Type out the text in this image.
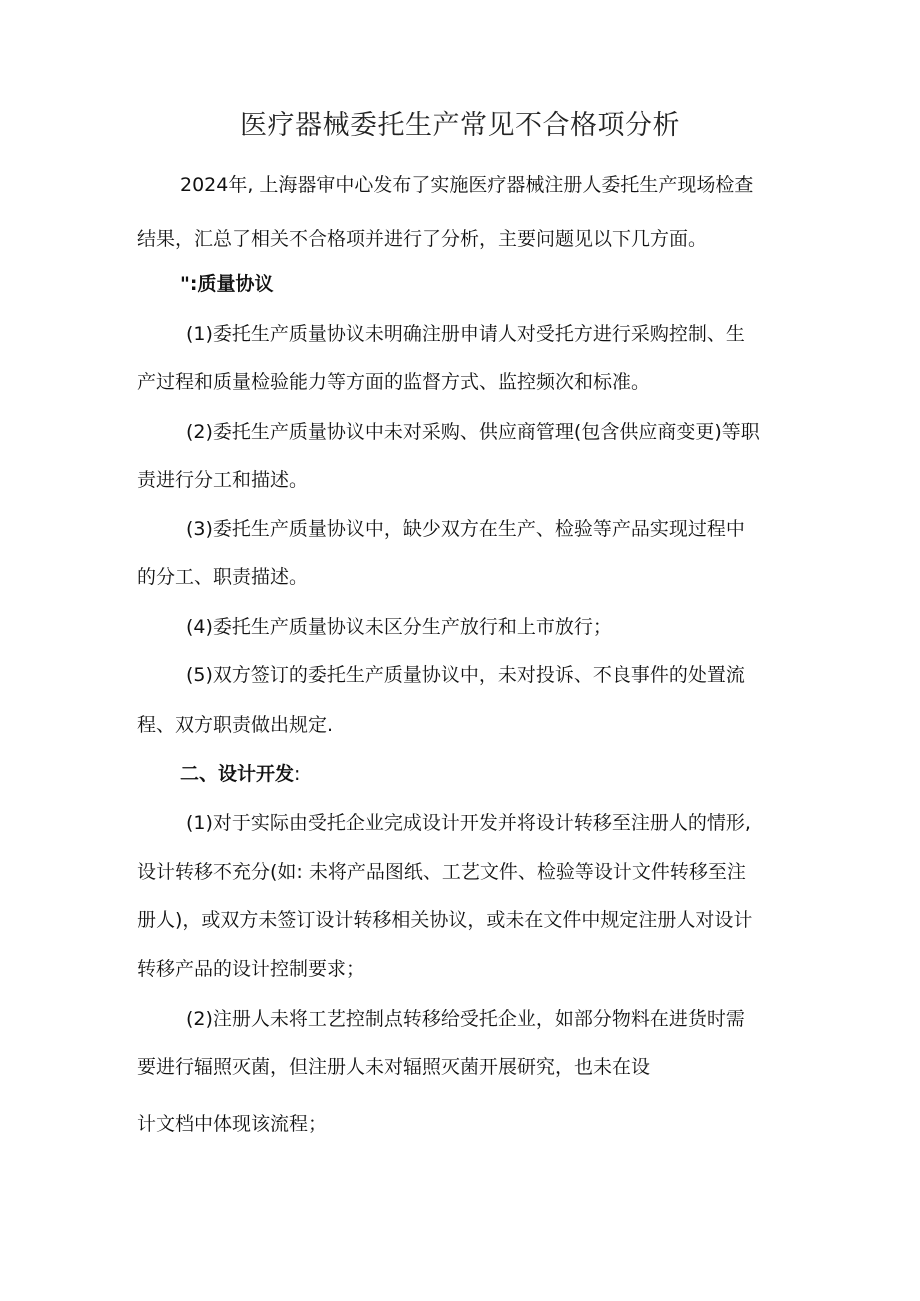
医疗器械委托生产常见不合格项分析
2024年, 上海器审中心发布了实施医疗器械注册人委托生产现场检查
结果，汇总了相关不合格项并进行了分析，主要问题见以下几方面。
":质量协议
(1)委托生产质量协议未明确注册申请人对受托方进行采购控制、生
产过程和质量检验能力等方面的监督方式、监控频次和标准。
(2)委托生产质量协议中未对采购、供应商管理(包含供应商变更)等职
责进行分工和描述。
(3)委托生产质量协议中，缺少双方在生产、检验等产品实现过程中
的分工、职责描述。
(4)委托生产质量协议未区分生产放行和上市放行；
(5)双方签订的委托生产质量协议中，未对投诉、不良事件的处置流
程、双方职责做出规定.
二、设计开发:
(1)对于实际由受托企业完成设计开发并将设计转移至注册人的情形,
设计转移不充分(如: 未将产品图纸、工艺文件、检验等设计文件转移至注
册人)，或双方未签订设计转移相关协议，或未在文件中规定注册人对设计
转移产品的设计控制要求；
(2)注册人未将工艺控制点转移给受托企业，如部分物料在进货时需
要进行辐照灭菌，但注册人未对辐照灭菌开展研究，也未在设
计文档中体现该流程；
